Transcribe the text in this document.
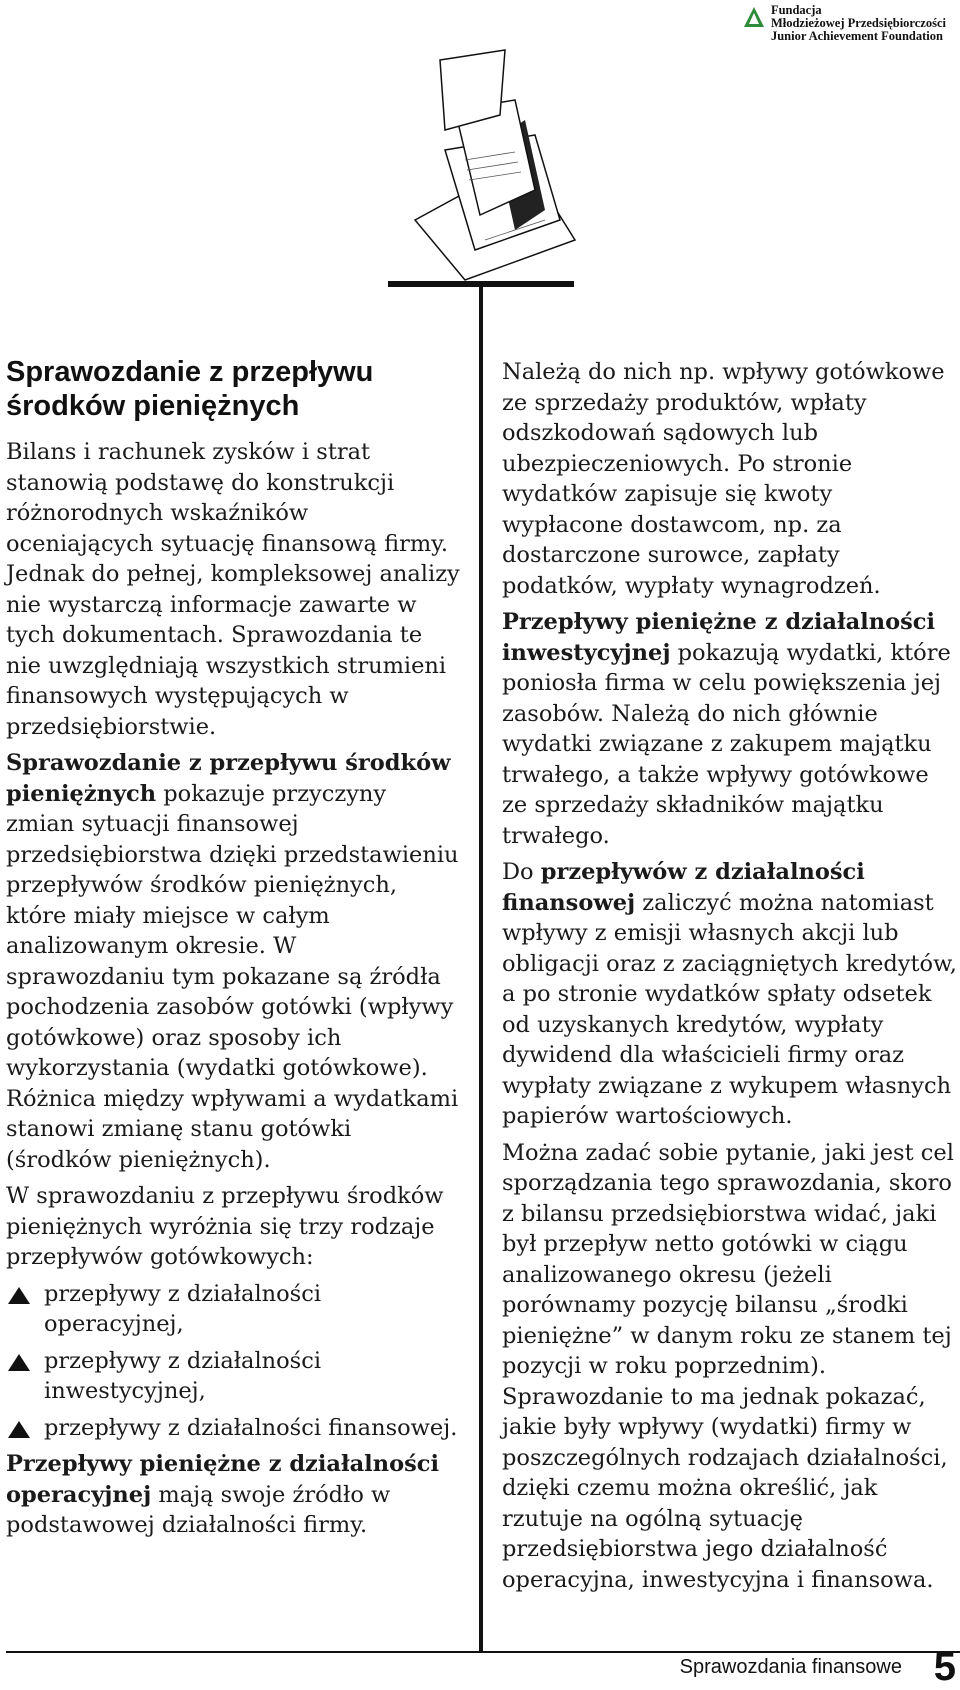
Fundacja
Młodzieżowej Przedsiębiorczości
Junior Achievement Foundation
Sprawozdanie z przepływu
środków pieniężnych

Bilans i rachunek zysków i strat stanowią podstawę do konstrukcji różnorodnych wskaźników oceniających sytuację finansową firmy. Jednak do pełnej, kompleksowej analizy nie wystarczą informacje zawarte w tych dokumentach. Sprawozdania te nie uwzględniają wszystkich strumieni finansowych występujących w przedsiębiorstwie.

Sprawozdanie z przepływu środków pieniężnych pokazuje przyczyny zmian sytuacji finansowej przedsiębiorstwa dzięki przedstawieniu przepływów środków pieniężnych, które miały miejsce w całym analizowanym okresie. W sprawozdaniu tym pokazane są źródła pochodzenia zasobów gotówki (wpływy gotówkowe) oraz sposoby ich wykorzystania (wydatki gotówkowe). Różnica między wpływami a wydatkami stanowi zmianę stanu gotówki (środków pieniężnych).

W sprawozdaniu z przepływu środków pieniężnych wyróżnia się trzy rodzaje przepływów gotówkowych:

przepływy z działalności operacyjnej,
przepływy z działalności inwestycyjnej,
przepływy z działalności finansowej.

Przepływy pieniężne z działalności operacyjnej mają swoje źródło w podstawowej działalności firmy.

Należą do nich np. wpływy gotówkowe ze sprzedaży produktów, wpłaty odszkodowań sądowych lub ubezpieczeniowych. Po stronie wydatków zapisuje się kwoty wypłacone dostawcom, np. za dostarczone surowce, zapłaty podatków, wypłaty wynagrodzeń.

Przepływy pieniężne z działalności inwestycyjnej pokazują wydatki, które poniosła firma w celu powiększenia jej zasobów. Należą do nich głównie wydatki związane z zakupem majątku trwałego, a także wpływy gotówkowe ze sprzedaży składników majątku trwałego.

Do przepływów z działalności finansowej zaliczyć można natomiast wpływy z emisji własnych akcji lub obligacji oraz z zaciągniętych kredytów, a po stronie wydatków spłaty odsetek od uzyskanych kredytów, wypłaty dywidend dla właścicieli firmy oraz wypłaty związane z wykupem własnych papierów wartościowych.

Można zadać sobie pytanie, jaki jest cel sporządzania tego sprawozdania, skoro z bilansu przedsiębiorstwa widać, jaki był przepływ netto gotówki w ciągu analizowanego okresu (jeżeli porównamy pozycję bilansu „środki pieniężne” w danym roku ze stanem tej pozycji w roku poprzednim). Sprawozdanie to ma jednak pokazać, jakie były wpływy (wydatki) firmy w poszczególnych rodzajach działalności, dzięki czemu można określić, jak rzutuje na ogólną sytuację przedsiębiorstwa jego działalność operacyjna, inwestycyjna i finansowa.

Sprawozdania finansowe 5
